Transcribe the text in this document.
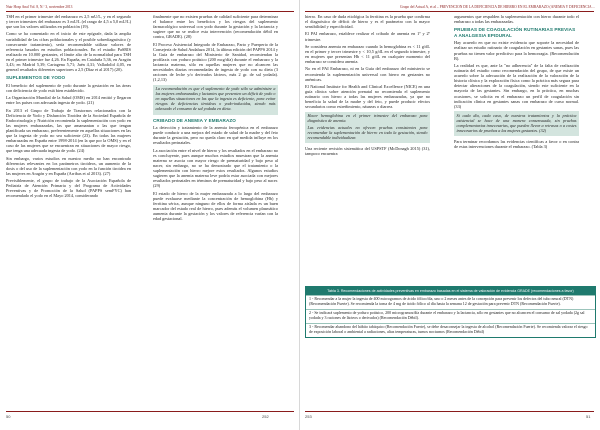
Nutr Hosp Anal Vol. 8, N.º 3, noviembre 2013

TSH en el primer trimestre del embarazo es 2,5 mU/L, y en el segundo y tercer trimestres del embarazo es 3 mU/L (el rango de 4,5 a 5,0 mU/L) que son los valores utilizados en población (19).

Como se ha comentado en el inicio de este epígrafe, dada la amplia variabilidad de las cifras poblacionales y el posible sobrediagnóstico (y consecuente tratamiento), sería recomendable utilizar valores de referencia basados en estudios poblacionales. En el estudio PaSRIS realizado en 10.000 gestantes, el límite alto de la normalidad para TSH en el primer trimestre fue 4,26. En España, en Cataluña 5,36, en Aragón 3,43; en Madrid 5,39; Cartagena 5,71; Jaén 4,31; Valladolid 4,05, en general resultados diferentes superiores a 2,5 (Díaz et al 2017) (20).

SUPLEMENTOS DE YODO

El beneficio del suplemento de yodo durante la gestación en las áreas con deficiencia de yodo está bien establecido.

La Organización Mundial de la Salud (OMS) en 2014 emitió y llegaron entre los países con adecuada ingesta de yodo. (21)

En 2013 el Grupo de Trabajo de Trastornos relacionados con la Deficiencia de Yodo y Disfunción Tiroidea de la Sociedad Española de Endocrinología y Nutrición recomienda la suplementación con yodo en las mujeres embarazadas, las que amamantan o las que tengan planificada un embarazo, preferentemente en aquellas situaciones en las que la ingesta de yodo no sea suficiente (23). En todas las mujeres embarazadas en España entre 1998-2014 (en la que por la OMS) y en el caso de las mujeres que se encuentran en situaciones de mayor riesgo, que tenga una adecuada ingesta de yodo. (24)

Sin embargo, varios estudios en nuestro medio no han encontrado diferencias relevantes en los parámetros tiroideos, un aumento de la dosis o del uso de la suplementación con yodo en la función tiroidea en las mujeres en Aragón y en España (Arribas et al 2013). (27)

Previsiblemente, el grupo de trabajo de la Asociación Española de Pediatría de Atención Primaria y del Programa de Actividades Preventivas y de Promoción de la Salud (PAPPS semFYC) han recomendado el yodo en el Mayo 2014, considerando

finalmente que no existen pruebas de calidad suficiente para determinar el balance entre los beneficios y los riesgos del suplemento farmacológico universal con yodo durante la gestación y la lactancia y sugiere que no se realice esta intervención (recomendación débil en contra, GRADE). (28)

El Proceso Asistencial Integrado de Embarazo, Parto y Puerperio de la Consejería de Salud Andaluza 2014, la última edición del PAPPS 2014 y la Guía de embarazo del Ministerio de Sanidad, recomiendan la profilaxis con yoduro potásico (200 mcg/día) durante el embarazo y la lactancia materna, sólo en aquellas mujeres que no alcancen las necesidades diarias recomendadas de ingesta de yodo con su dieta (3 raciones de leche y/o derivados lácteos, más 2 gr. de sal yodada). (1,2,13)

La recomendación es que el suplemento de yodo sólo se administre a las mujeres embarazadas y lactantes que presenten un déficit de yodo o en aquellas situaciones en las que la ingesta es deficiente, para evitar riesgos de deficiencias tiroideas o yodo-inducidas, siendo más adecuado el consumo de sal yodada en dieta.

CRIBADO DE ANEMIA Y EMBARAZO

La detección y tratamiento de la anemia ferropénica en el embarazo puede conducir a una mejora del estado de salud de la madre y del feto durante la gestación, pero no queda claro en qué medida influye en los resultados perinatales.

La asociación entre el nivel de hierro y los resultados en el embarazo no es concluyente, pues aunque muchos estudios muestran que la anemia materna se asocia con mayor riesgo de prematuridad y bajo peso al nacer, sin embargo, no se ha demostrado que el tratamiento o la suplementación con hierro mejore estos resultados. Algunos estudios sugieren que la anemia materna leve podría estar asociada con mejores resultados perinatales en términos de prematuridad y bajo peso al nacer. (29)

El estado de hierro de la mujer embarazada a lo largo del embarazo puede evaluarse mediante la concentración de hemoglobina (Hb) y ferritina sérica, aunque ninguno de ellos de forma aislada es un buen marcador del estado real de hierro, pues además el volumen plasmático aumenta durante la gestación y los valores de referencia varían con la edad gestacional.

50	252
Grupo del Actual A, et al – PREVENCIÓN DE LA DEFICIENCIA DE HIERRO EN EL EMBARAZO (ANEMIA Y DEFICIENCIA ...

hierro. En caso de duda etiológica la ferritina es la prueba que confirma el diagnóstico de déficit de hierro y es el parámetro con la mayor sensibilidad y especificidad.

El PAI embarazo, establece realizar el cribado de anemia en 1º y 2º trimestre.

Se considera anemia en embarazo cuando la hemoglobina es < 11 g/dL en el primer y tercer trimestre y < 10,5 g/dL en el segundo trimestre, y en mujeres que presentan Hb < 11 g/dL en cualquier momento del embarazo se considera anemia.

No en el PAI Embarazo, ni en la Guía del embarazo del ministerio se recomienda la suplementación universal con hierro en gestantes no anémicas.

El National Institute for Health and Clinical Excellence (NICE) en una guía clínica sobre atención prenatal no recomienda el suplemento rutinario con hierro a todas las mujeres embarazadas, ya que no beneficia la salud de la madre y del feto, y puede producir efectos secundarios como estreñimiento, náuseas o diarrea.

Hacer hemoglobina en el primer trimestre del embarazo para diagnóstico de anemia.

Las evidencias actuales no ofrecen pruebas consistentes para recomendar la suplementación de hierro en toda la gestación, siendo recomendable individualizar.

Una reciente revisión sistemática del USPSTF (McDonagh 2015) (31), tampoco encuentra

argumentos que respalden la suplementación con hierro durante todo el embarazo a todas las embarazadas.

PRUEBAS DE COAGULACIÓN RUTINARIAS PREVIAS A ANALGESIA EPIDURAL

Hay acuerdo en que no existe evidencia que soporte la necesidad de realizar un estudio rutinario de coagulación en gestantes sanas, pues las pruebas no tienen valor predictivo para la hemorragia. (Recomendación B).

La realidad es que, ante la "no adherencia" de la falta de realización rutinaria del estudio como recomendación del grupo, de que existe un acuerdo sobre la adecuación de la realización de la valoración de la historia clínica y la exploración física como la práctica más segura para detectar alteraciones de la coagulación, siendo este suficiente en la mayoría de las gestantes. Sin embargo, en la práctica, en muchas ocasiones, se solicita en el embarazo un perfil de coagulación sin indicación clínica en gestantes sanas con embarazo de curso normal. (33)

Si cada día, cada caso, de nuestros tratamientos y la práctica asistencial se hace de una manera consensuada, sin pruebas complementarias innecesarias, que pueden llevar a retrasos o a costes innecesarios de pruebas a las mujeres gestantes. (32)

Para terminar recordamos las evidencias científicas a favor o en contra de estas intervenciones durante el embarazo. (Tabla 3)

Tabla 3. Recomendaciones de actividades preventivas en embarazo basadas en el sistema de valoración de evidencia GRADE (recomendaciones a favor)
1 - Recomendar a la mujer la ingesta de 400 microgramos de ácido fólico/día, uno o 2 meses antes de la concepción para prevenir los defectos del tubo neural (DTN) (Recomendación Fuerte). Se recomienda la toma de 4 mg de ácido fólico al día hasta la semana 12 de gestación para prevenir DTN (Recomendación Fuerte).
2 - Se indicará suplemento de yoduro potásico, 200 microgramos/día durante el embarazo y la lactancia, sólo en gestantes que no alcancen el consumo de sal yodada (2g sal yodada y 3 raciones de lácteos o derivados) (Recomendación Débil).
3 - Recomendar abandono del hábito tabáquico (Recomendación Fuerte), se debe desaconsejar la ingesta de alcohol (Recomendación Fuerte). Se recomienda valorar el riesgo de exposición laboral o ambiental a radiaciones, altas temperaturas, turnos nocturnos (Recomendación Débil)
253	51
